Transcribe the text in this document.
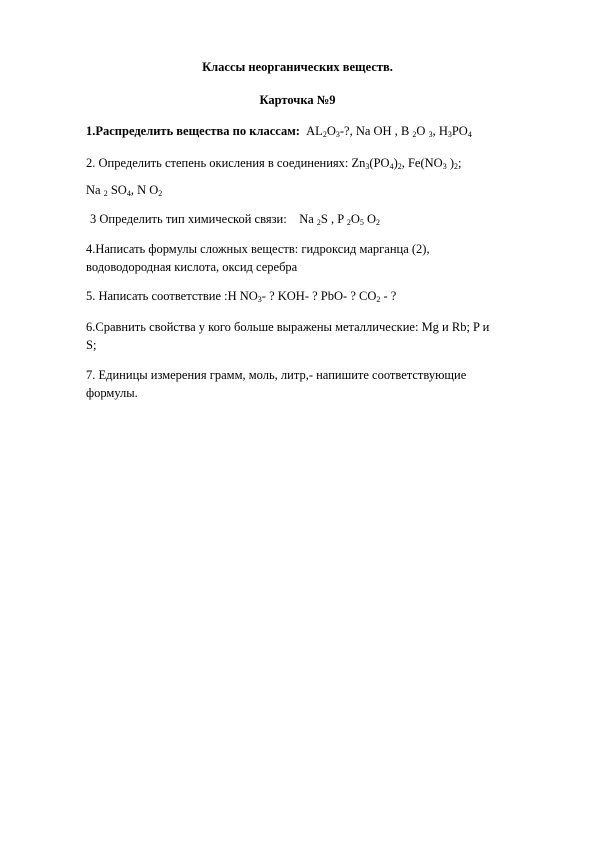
Классы неорганических веществ.
Карточка №9
1.Распределить вещества по классам: $AL_2O_3-$?, Na OH , B $_2$O $_3$, $H_3PO_4$
2. Определить степень окисления в соединениях: $Zn_3(PO_4)_2$, $Fe(NO_3$ )$_2$;
Na $_2$ $SO_4$, N $O_2$
3 Определить тип химической связи: Na $_2$S , P $_2O_5$ $O_2$
4.Написать формулы сложных веществ: гидроксид марганца (2),
водоводородная кислота, оксид серебра
5. Написать соответствие :H $NO_3-$ ? KOH- ? PbO- ? $CO_2$ - ?
6.Сравнить свойства у кого больше выражены металлические: Mg и Rb; P и
S;
7. Единицы измерения грамм, моль, литр,- напишите соответствующие
формулы.
